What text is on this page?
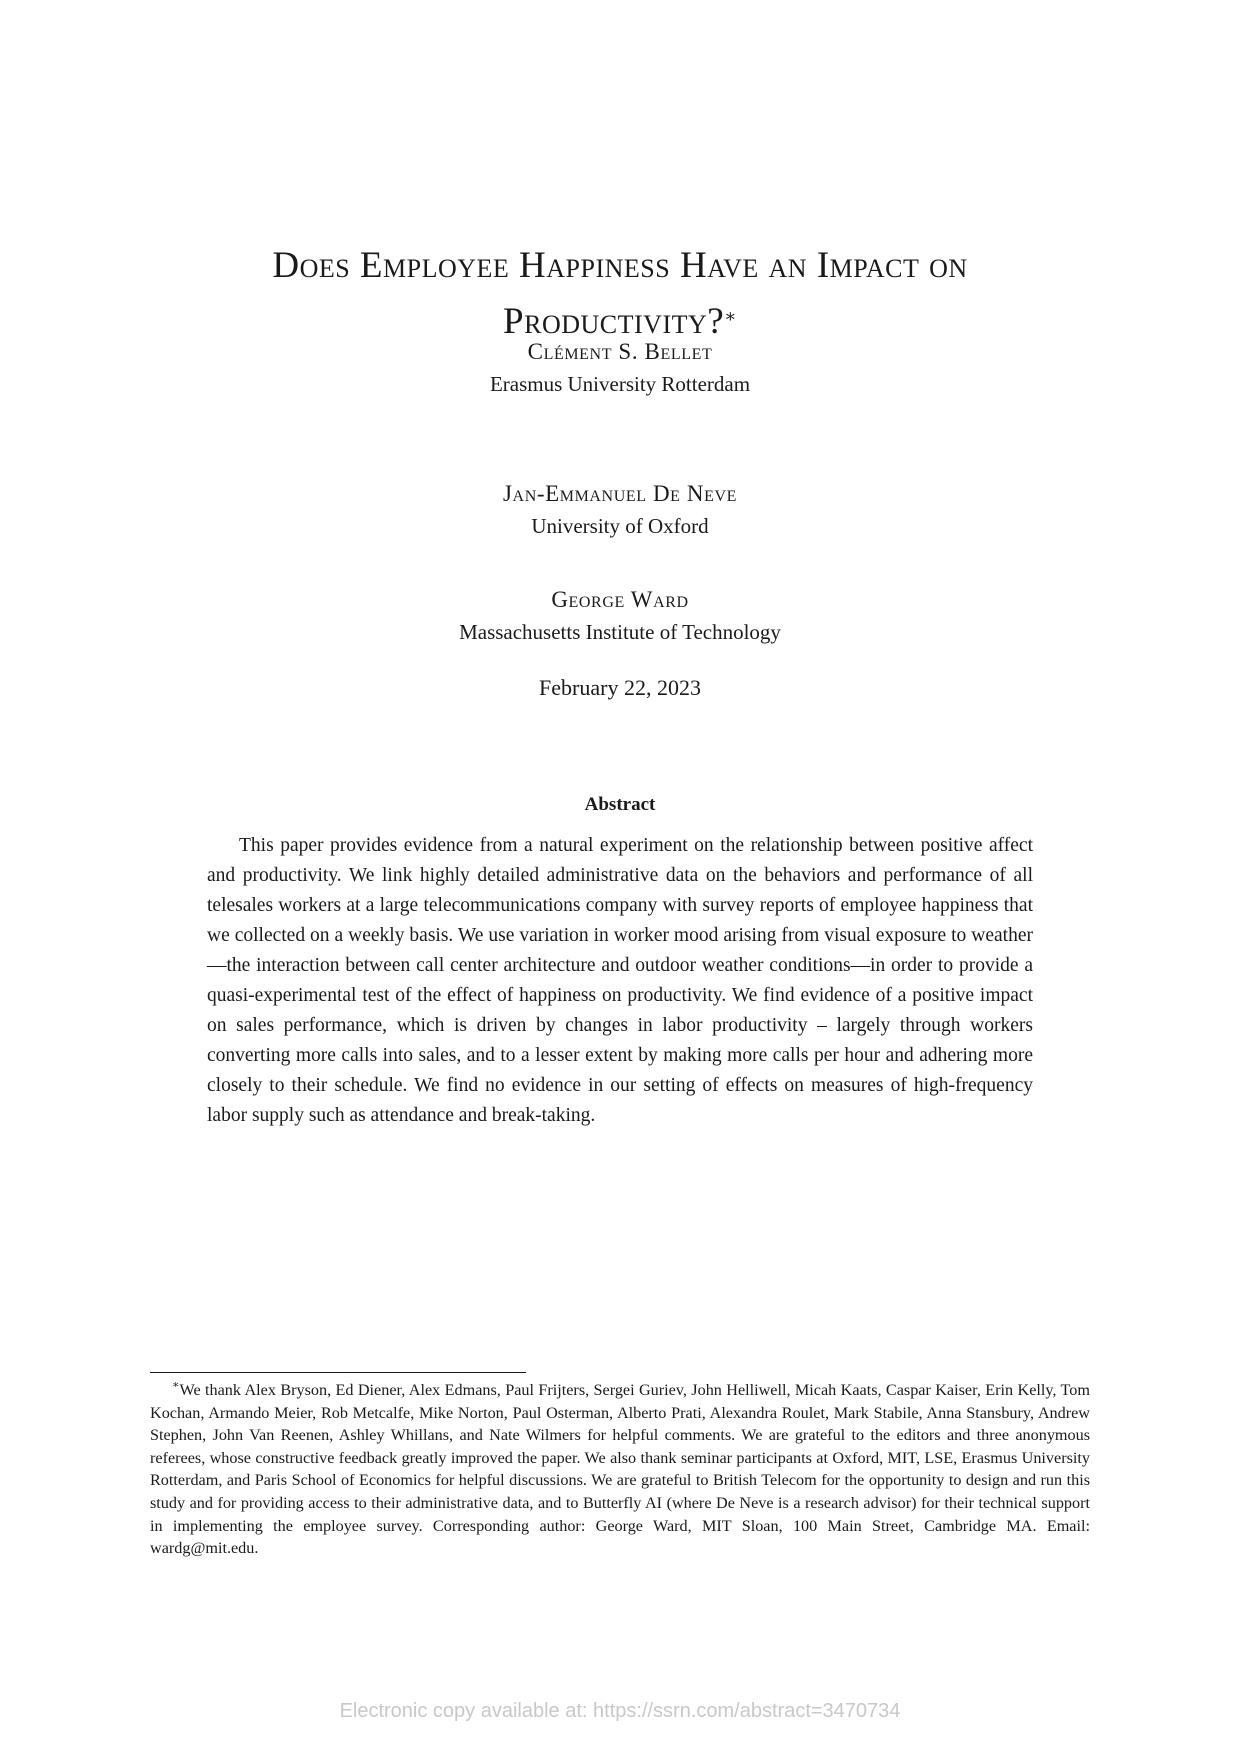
Does Employee Happiness Have an Impact on
Productivity?∗
Clément S. Bellet
Erasmus University Rotterdam
Jan-Emmanuel De Neve
University of Oxford
George Ward
Massachusetts Institute of Technology
February 22, 2023
Abstract

This paper provides evidence from a natural experiment on the relationship between positive affect and productivity. We link highly detailed administrative data on the behaviors and performance of all telesales workers at a large telecommunications company with survey reports of employee happiness that we collected on a weekly basis. We use variation in worker mood arising from visual exposure to weather—the interaction between call center architecture and outdoor weather conditions—in order to provide a quasi-experimental test of the effect of happiness on productivity. We find evidence of a positive impact on sales performance, which is driven by changes in labor productivity – largely through workers converting more calls into sales, and to a lesser extent by making more calls per hour and adhering more closely to their schedule. We find no evidence in our setting of effects on measures of high-frequency labor supply such as attendance and break-taking.

∗We thank Alex Bryson, Ed Diener, Alex Edmans, Paul Frijters, Sergei Guriev, John Helliwell, Micah Kaats, Caspar Kaiser, Erin Kelly, Tom Kochan, Armando Meier, Rob Metcalfe, Mike Norton, Paul Osterman, Alberto Prati, Alexandra Roulet, Mark Stabile, Anna Stansbury, Andrew Stephen, John Van Reenen, Ashley Whillans, and Nate Wilmers for helpful comments. We are grateful to the editors and three anonymous referees, whose constructive feedback greatly improved the paper. We also thank seminar participants at Oxford, MIT, LSE, Erasmus University Rotterdam, and Paris School of Economics for helpful discussions. We are grateful to British Telecom for the opportunity to design and run this study and for providing access to their administrative data, and to Butterfly AI (where De Neve is a research advisor) for their technical support in implementing the employee survey. Corresponding author: George Ward, MIT Sloan, 100 Main Street, Cambridge MA. Email: wardg@mit.edu.

Electronic copy available at: https://ssrn.com/abstract=3470734
